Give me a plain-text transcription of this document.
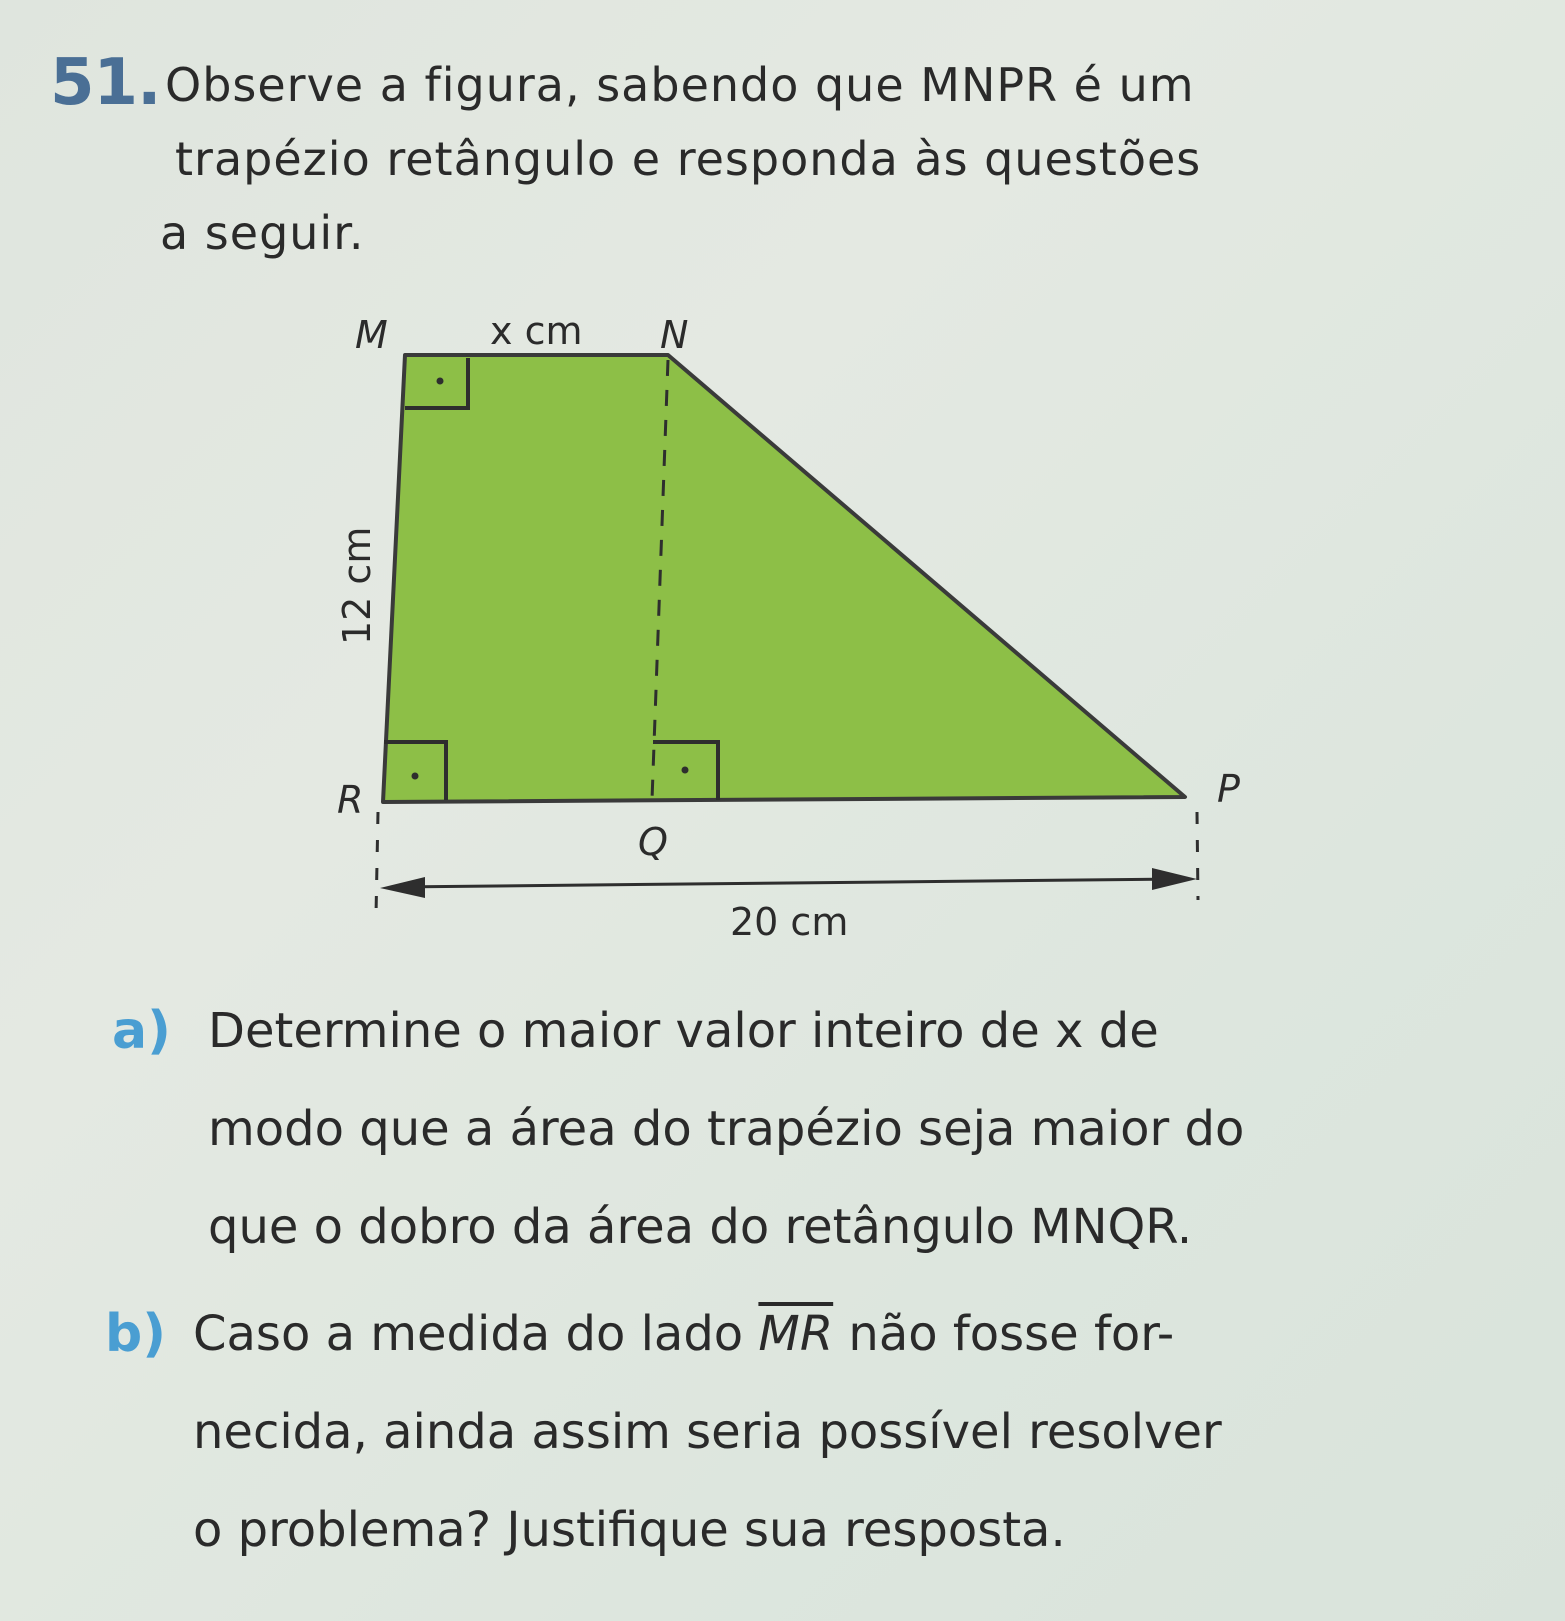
51. Observe a figura, sabendo que MNPR é um
trapézio retângulo e responda às questões
a seguir.
M	N
R	P
Q
x cm
12 cm
20 cm
a) Determine o maior valor inteiro de x de
modo que a área do trapézio seja maior do
que o dobro da área do retângulo MNQR.
b) Caso a medida do lado $\overline{MR}$ não fosse for-
necida, ainda assim seria possível resolver
o problema? Justifique sua resposta.
